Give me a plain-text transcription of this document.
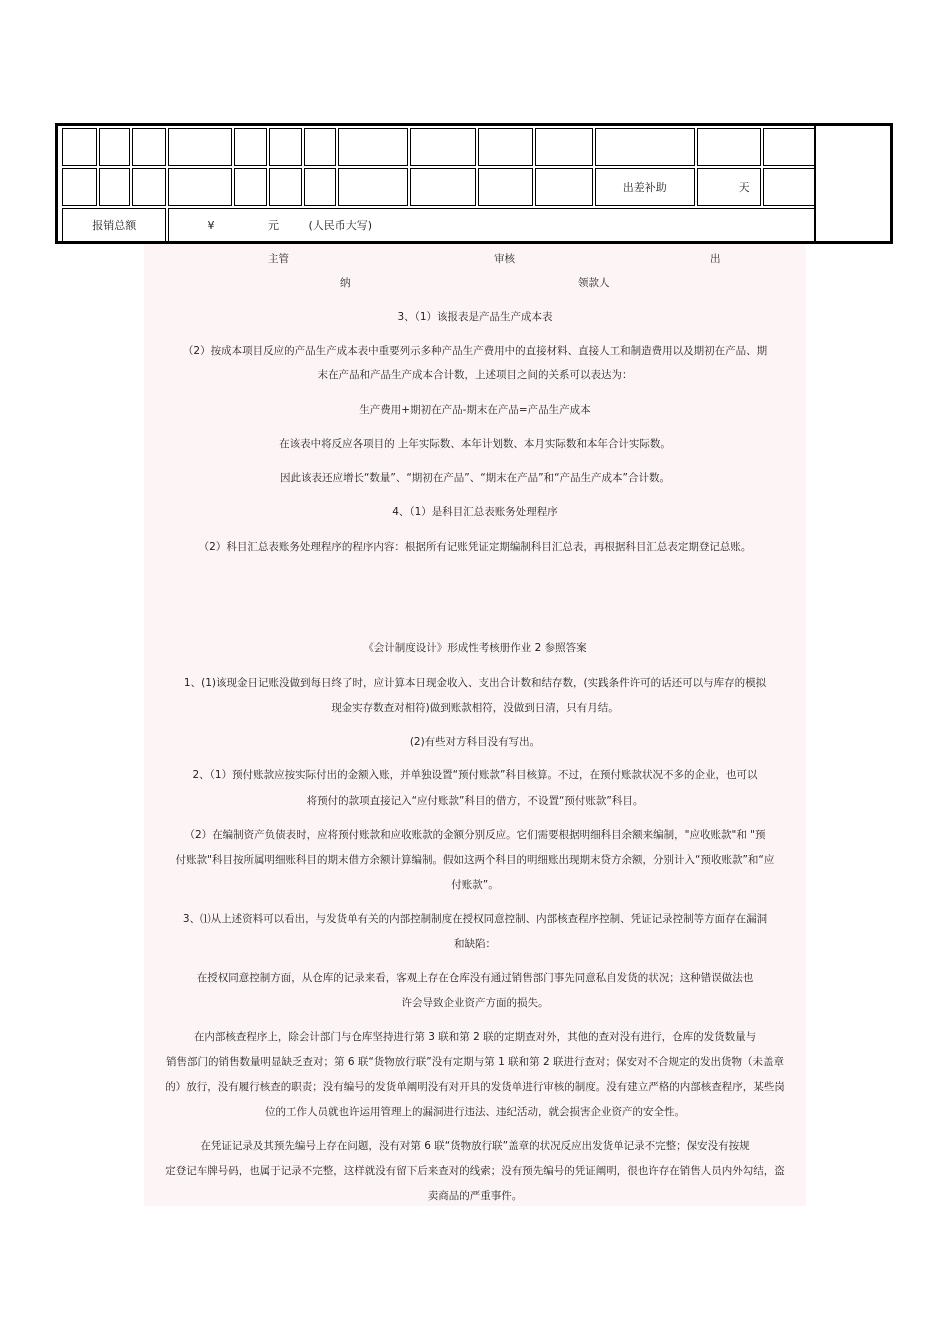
											出差补助	天	
报销总额			¥ 元 (人民币大写)										
主管	审核	出
纳	领款人
3、（1）该报表是产品生产成本表
（2）按成本项目反应的产品生产成本表中重要列示多种产品生产费用中的直接材料、直接人工和制造费用以及期初在产品、期
末在产品和产品生产成本合计数，上述项目之间的关系可以表达为：
生产费用+期初在产品-期末在产品=产品生产成本
在该表中将反应各项目的 上年实际数、本年计划数、本月实际数和本年合计实际数。
因此该表还应增长“数量”、“期初在产品”、“期末在产品”和“产品生产成本”合计数。
4、（1）是科目汇总表账务处理程序
（2）科目汇总表账务处理程序的程序内容：根据所有记账凭证定期编制科目汇总表，再根据科目汇总表定期登记总账。
《会计制度设计》形成性考核册作业 2 参照答案
1、(1)该现金日记账没做到每日终了时，应计算本日现金收入、支出合计数和结存数，(实践条件许可的话还可以与库存的模拟
现金实存数查对相符)做到账款相符，没做到日清，只有月结。
(2)有些对方科目没有写出。
2、（1）预付账款应按实际付出的金额入账，并单独设置“预付账款”科目核算。不过，在预付账款状况不多的企业，也可以
将预付的款项直接记入“应付账款”科目的借方，不设置“预付账款”科目。
（2）在编制资产负债表时，应将预付账款和应收账款的金额分别反应。它们需要根据明细科目余额来编制，"应收账款"和 "预
付账款"科目按所属明细账科目的期末借方余额计算编制。假如这两个科目的明细账出现期末贷方余额，分别计入“预收账款”和“应
付账款”。
3、⑴从上述资料可以看出，与发货单有关的内部控制制度在授权同意控制、内部核查程序控制、凭证记录控制等方面存在漏洞
和缺陷：
在授权同意控制方面，从仓库的记录来看，客观上存在仓库没有通过销售部门事先同意私自发货的状况；这种错误做法也
许会导致企业资产方面的损失。
在内部核查程序上，除会计部门与仓库坚持进行第 3 联和第 2 联的定期查对外，其他的查对没有进行，仓库的发货数量与
销售部门的销售数量明显缺乏查对；第 6 联“货物放行联”没有定期与第 1 联和第 2 联进行查对；保安对不合规定的发出货物（未盖章
的）放行，没有履行核查的职责；没有编号的发货单阐明没有对开具的发货单进行审核的制度。没有建立严格的内部核查程序，某些岗
位的工作人员就也许运用管理上的漏洞进行违法、违纪活动，就会损害企业资产的安全性。
在凭证记录及其预先编号上存在问题，没有对第 6 联“货物放行联”盖章的状况反应出发货单记录不完整；保安没有按规
定登记车牌号码，也属于记录不完整，这样就没有留下后来查对的线索；没有预先编号的凭证阐明，很也许存在销售人员内外勾结，盗
卖商品的严重事件。
